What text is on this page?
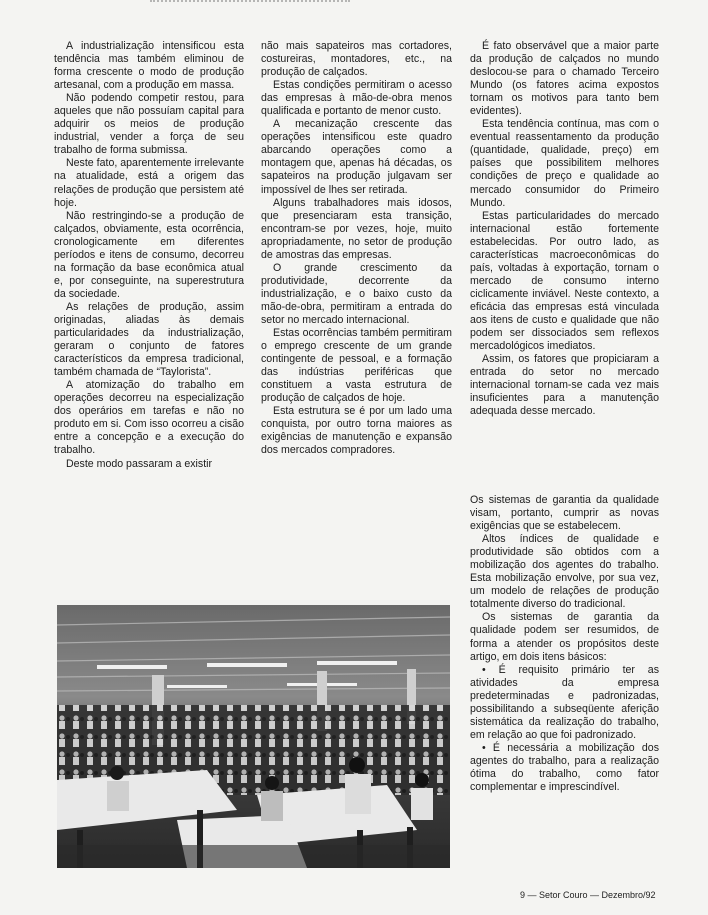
A industrialização intensificou esta tendência mas também eliminou de forma crescente o modo de produção artesanal, com a produção em massa.

Não podendo competir restou, para aqueles que não possuíam capital para adquirir os meios de produção industrial, vender a força de seu trabalho de forma submissa.

Neste fato, aparentemente irrelevante na atualidade, está a origem das relações de produção que persistem até hoje.

Não restringindo-se a produção de calçados, obviamente, esta ocorrência, cronologicamente em diferentes períodos e itens de consumo, decorreu na formação da base econômica atual e, por conseguinte, na superestrutura da sociedade.

As relações de produção, assim originadas, aliadas às demais particularidades da industrialização, geraram o conjunto de fatores característicos da empresa tradicional, também chamada de “Taylorista”.

A atomização do trabalho em operações decorreu na especialização dos operários em tarefas e não no produto em si. Com isso ocorreu a cisão entre a concepção e a execução do trabalho.

Deste modo passaram a existir

não mais sapateiros mas cortadores, costureiras, montadores, etc., na produção de calçados.

Estas condições permitiram o acesso das empresas à mão-de-obra menos qualificada e portanto de menor custo.

A mecanização crescente das operações intensificou este quadro abarcando operações como a montagem que, apenas há décadas, os sapateiros na produção julgavam ser impossível de lhes ser retirada.

Alguns trabalhadores mais idosos, que presenciaram esta transição, encontram-se por vezes, hoje, muito apropriadamente, no setor de produção de amostras das empresas.

O grande crescimento da produtividade, decorrente da industrialização, e o baixo custo da mão-de-obra, permitiram a entrada do setor no mercado internacional.

Estas ocorrências também permitiram o emprego crescente de um grande contingente de pessoal, e a formação das indústrias periféricas que constituem a vasta estrutura de produção de calçados de hoje.

Esta estrutura se é por um lado uma conquista, por outro torna maiores as exigências de manutenção e expansão dos mercados compradores.

É fato observável que a maior parte da produção de calçados no mundo deslocou-se para o chamado Terceiro Mundo (os fatores acima expostos tornam os motivos para tanto bem evidentes).

Esta tendência contínua, mas com o eventual reassentamento da produção (quantidade, qualidade, preço) em países que possibilitem melhores condições de preço e qualidade ao mercado consumidor do Primeiro Mundo.

Estas particularidades do mercado internacional estão fortemente estabelecidas. Por outro lado, as características macroeconômicas do país, voltadas à exportação, tornam o mercado de consumo interno ciclicamente inviável. Neste contexto, a eficácia das empresas está vinculada aos itens de custo e qualidade que não podem ser dissociados sem reflexos mercadológicos imediatos.

Assim, os fatores que propiciaram a entrada do setor no mercado internacional tornam-se cada vez mais insuficientes para a manutenção adequada desse mercado.

Os sistemas de garantia da qualidade visam, portanto, cumprir as novas exigências que se estabelecem.

Altos índices de qualidade e produtividade são obtidos com a mobilização dos agentes do trabalho. Esta mobilização envolve, por sua vez, um modelo de relações de produção totalmente diverso do tradicional.

Os sistemas de garantia da qualidade podem ser resumidos, de forma a atender os propósitos deste artigo, em dois itens básicos:

• É requisito primário ter as atividades da empresa predeterminadas e padronizadas, possibilitando a subseqüente aferição sistemática da realização do trabalho, em relação ao que foi padronizado.

• É necessária a mobilização dos agentes do trabalho, para a realização ótima do trabalho, como fator complementar e imprescindível.

9 — Setor Couro — Dezembro/92
